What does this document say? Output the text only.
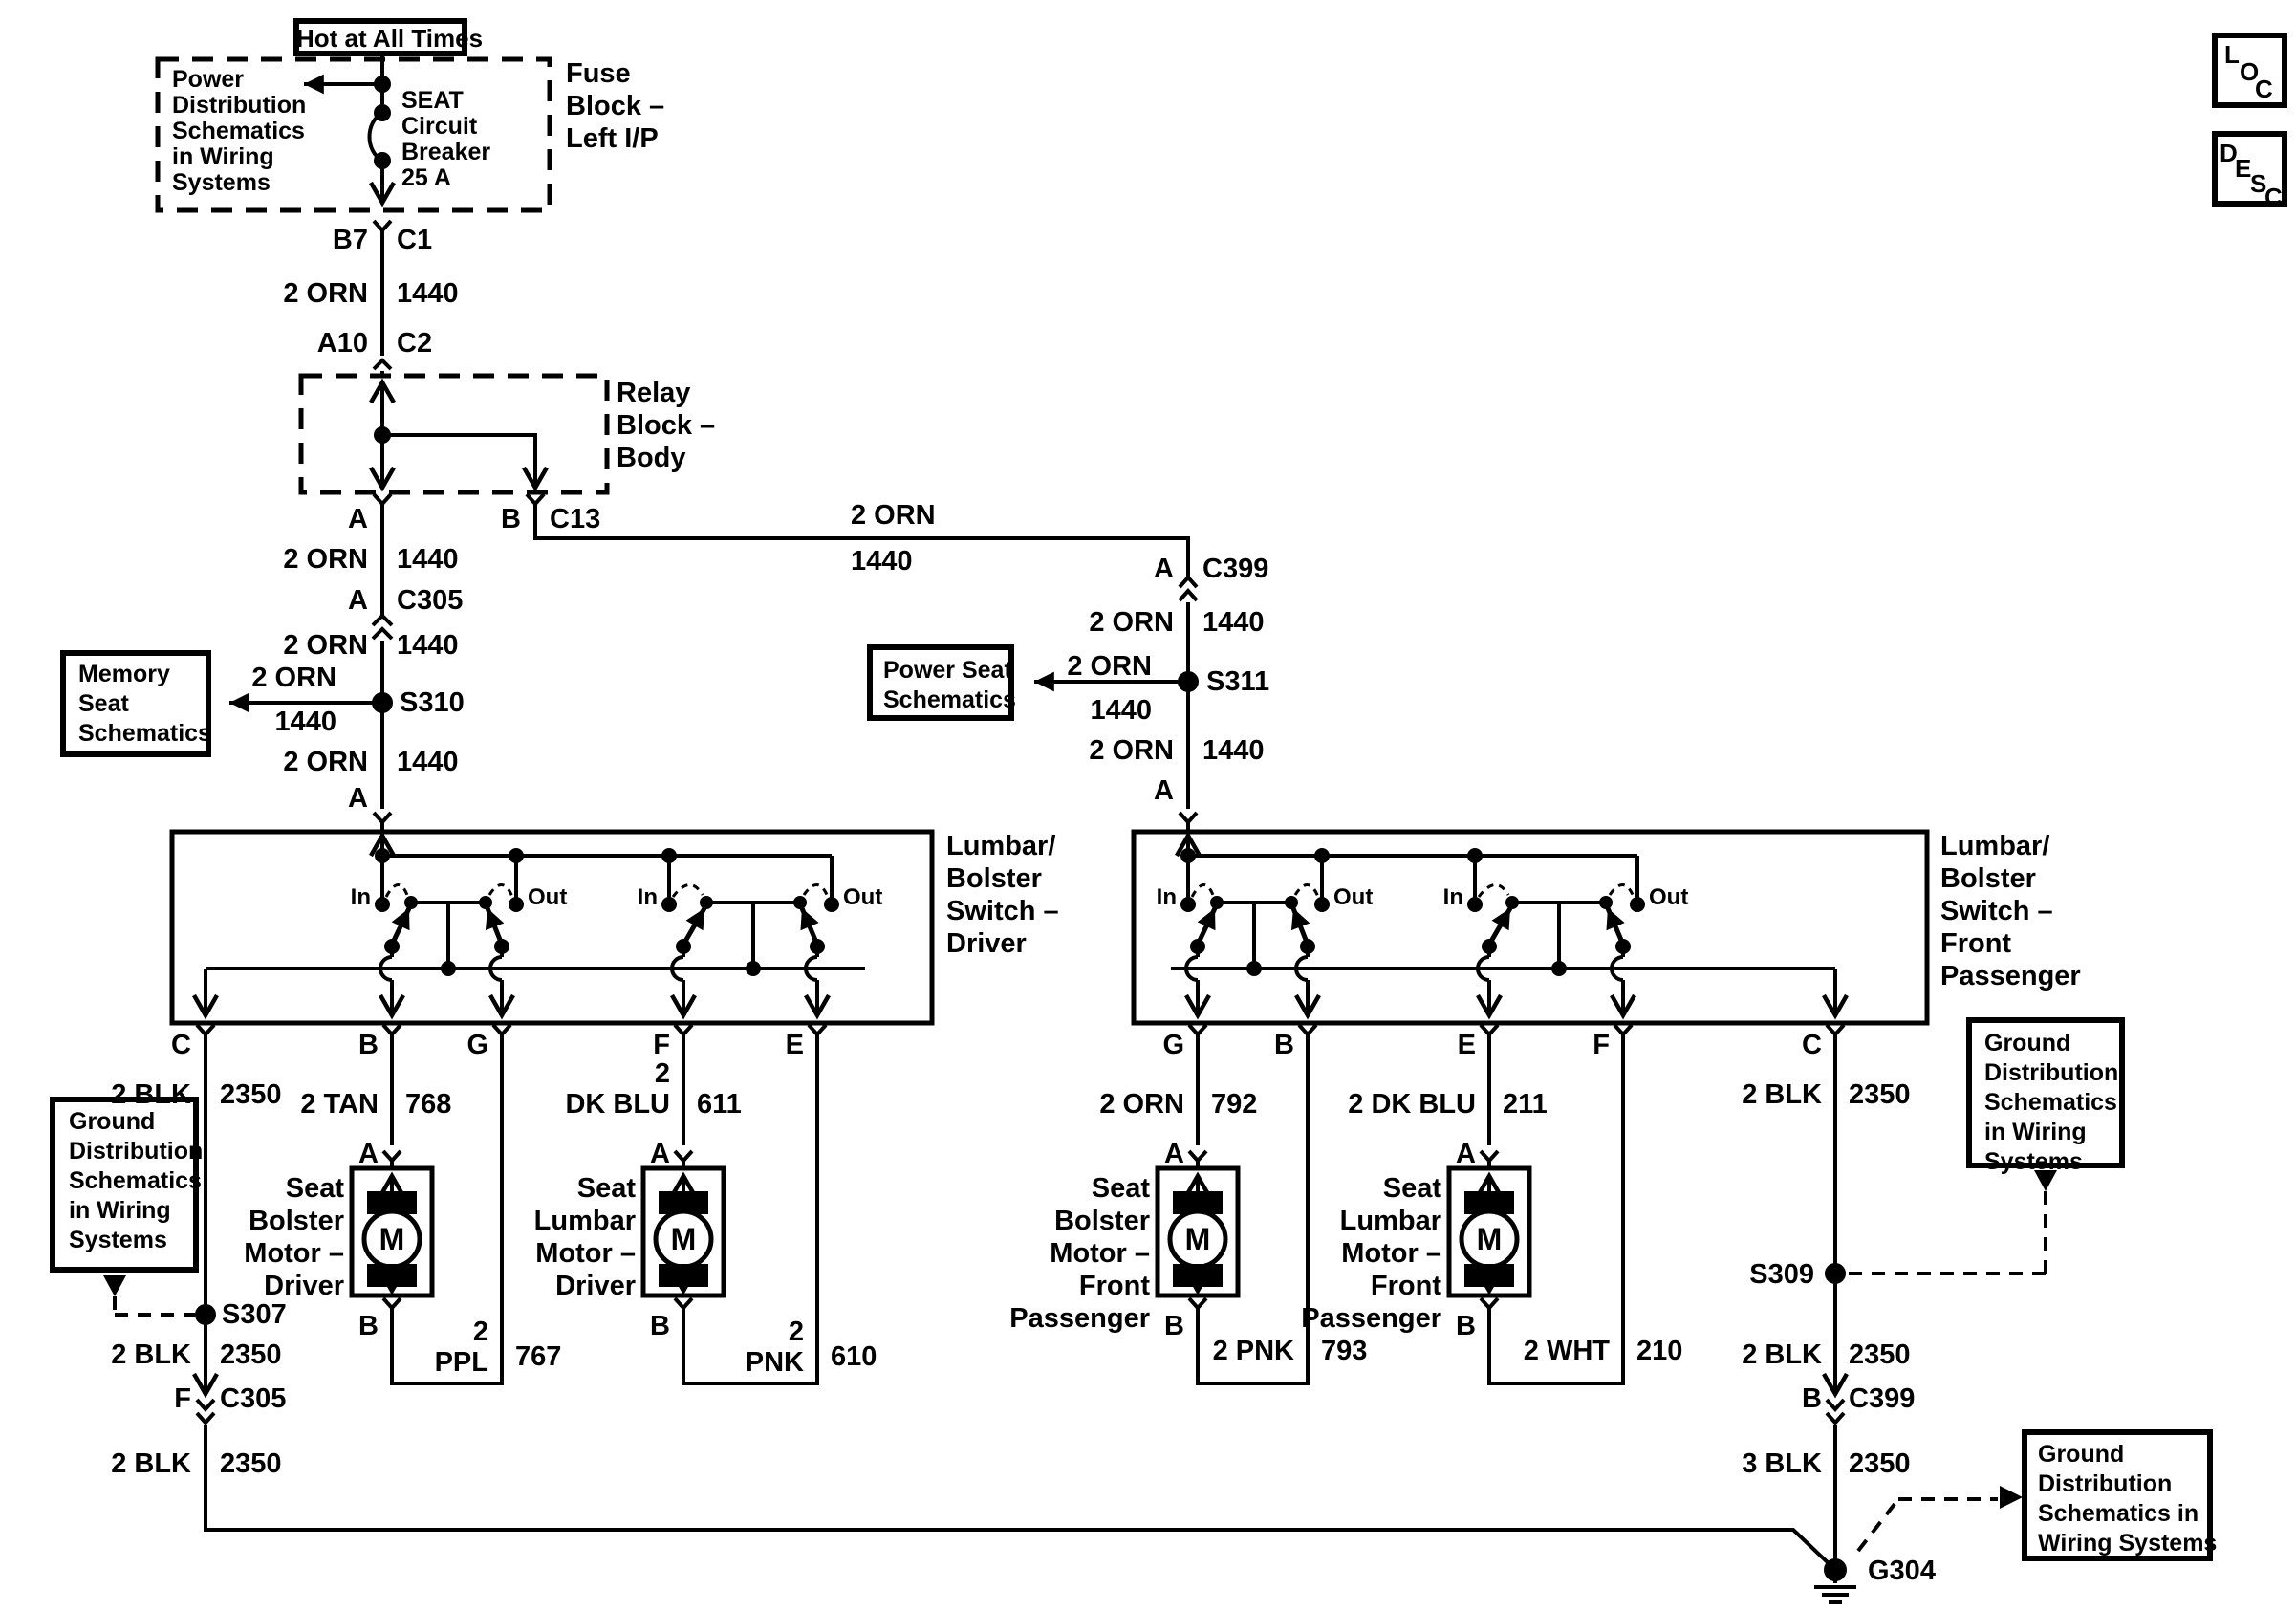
M	M	M	M
L
O
C
D
E
S
C
Hot at All Times
Power
Distribution
Schematics
in Wiring
Systems
SEAT
Circuit
Breaker
25 A
Fuse
Block –
Left I/P
B7 C1
2 ORN 1440
A10 C2
Relay
Block –
Body
A	B C13	2 ORN
1440
2 ORN 1440
A C305
2 ORN 1440
2 ORN
1440
S310
2 ORN 1440
A
Memory
Seat
Schematics
A C399
2 ORN 1440
2 ORN
1440
S311
2 ORN 1440
A
Power Seat
Schematics
Lumbar/
Bolster
Switch –
Driver
Lumbar/
Bolster
Switch –
Front
Passenger
In	Out	In	Out	In	Out	In	Out
C	B	G	F	E	G	B	E	F	C
2 BLK 2350 2 TAN 768
2
DK BLU 611	2 ORN 792	2 DK BLU 211	2 BLK 2350
A	A	A	A
Seat
Bolster
Motor –
Driver
Seat
Lumbar
Motor –
Driver
Seat
Bolster
Motor –
Front
Passenger
Seat
Lumbar
Motor –
Front
Passenger
B	B	B	B
2
PPL 767
2
PNK 610	2 PNK 793	2 WHT 210
S307
2 BLK 2350
F C305
2 BLK 2350
S309
2 BLK 2350
B C399
3 BLK 2350
G304
Ground
Distribution
Schematics
in Wiring
Systems
Ground
Distribution
Schematics
in Wiring
Systems
Ground
Distribution
Schematics in
Wiring Systems
